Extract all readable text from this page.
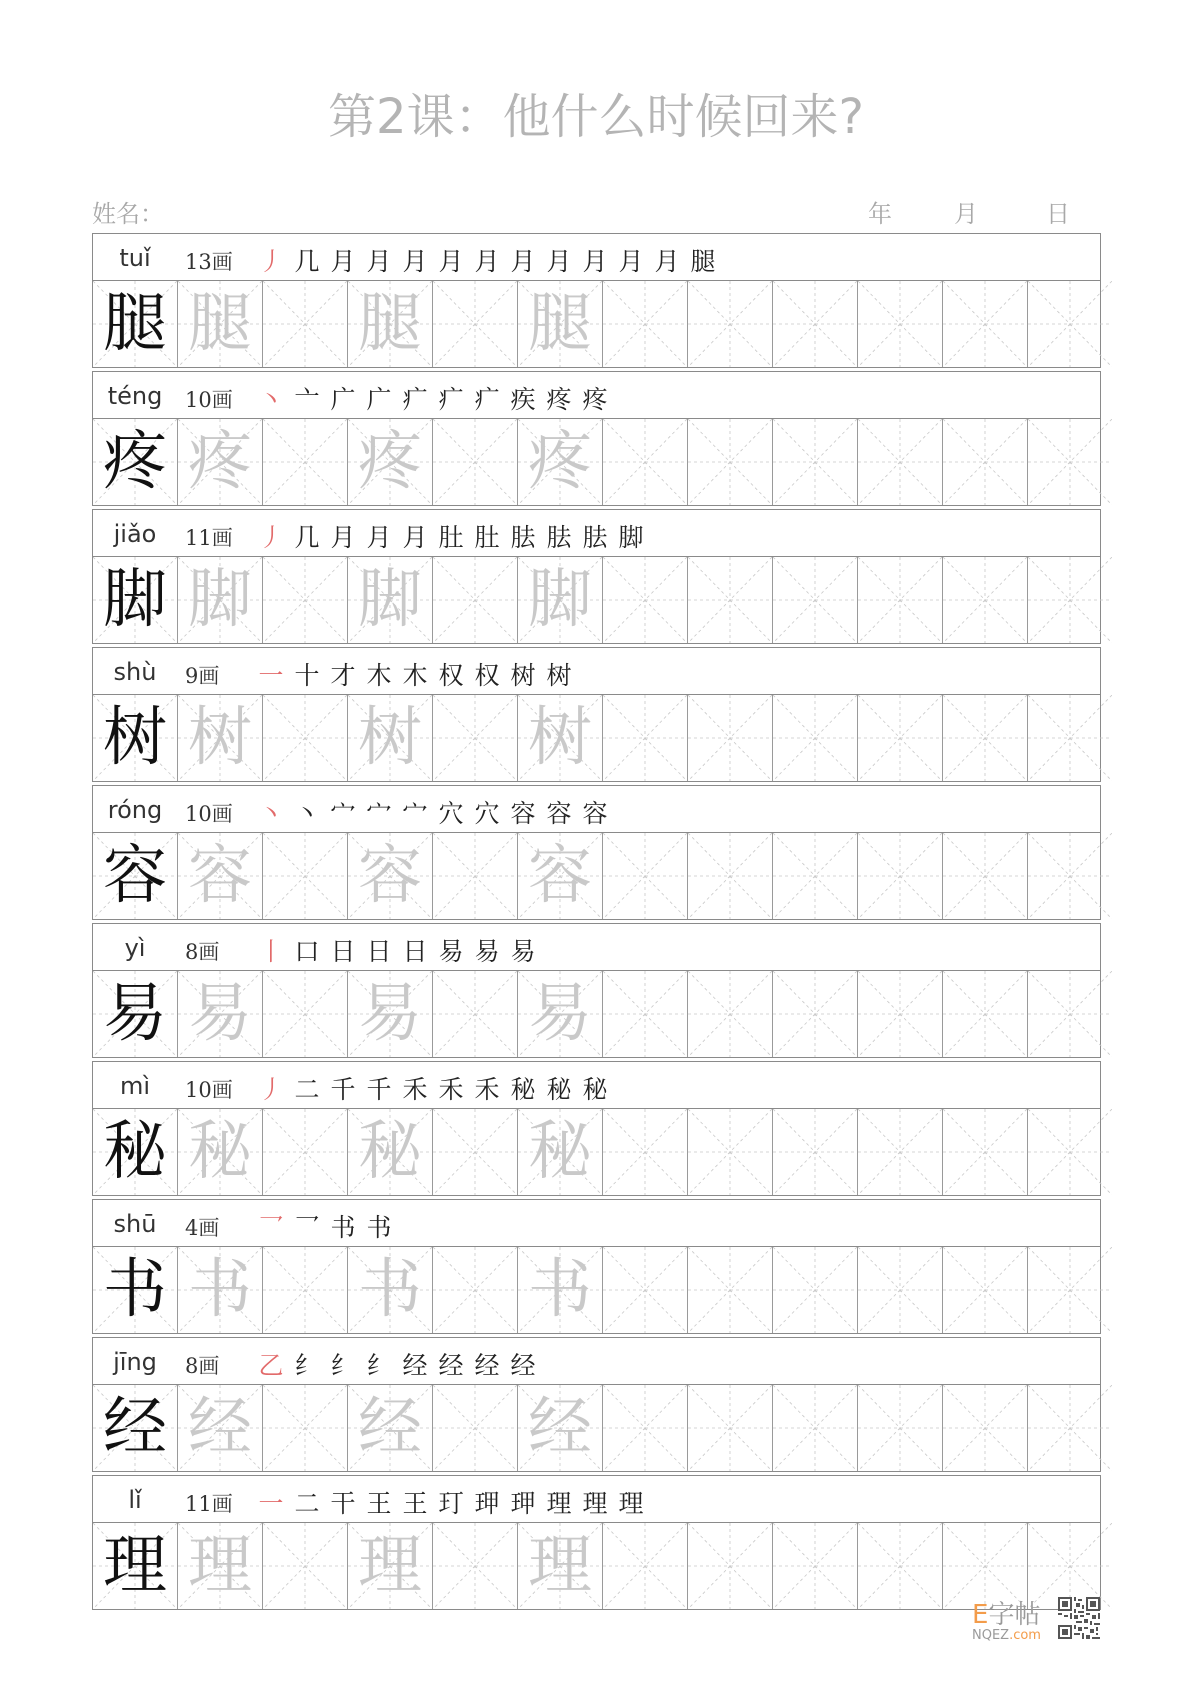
第2课：他什么时候回来?
姓名：	年	月	日
tuǐ	13画 丿 几 月 月 月 月 月 月 月 月 月 月 腿
腿 腿 腿 腿
téng	10画 丶 亠 广 广 疒 疒 疒 疾 疼 疼
疼 疼 疼 疼
jiǎo	11画 丿 几 月 月 月 肚 肚 胠 胠 胠 脚
脚 脚 脚 脚
shù	9画 一 十 才 木 木 权 权 树 树
树 树 树 树
róng	10画 丶 丶 宀 宀 宀 穴 穴 容 容 容
容 容 容 容
yì	8画 丨 口 日 日 日 易 易 易
易 易 易 易
mì	10画 丿 二 千 千 禾 禾 禾 秘 秘 秘
秘 秘 秘 秘
shū	4画 乛 乛 书 书
书 书 书 书
jīng	8画 乙 纟 纟 纟 经 经 经 经
经 经 经 经
lǐ	11画 一 二 干 王 王 玎 玾 玾 理 理 理
理 理 理 理
E字帖
NQEZ.com
